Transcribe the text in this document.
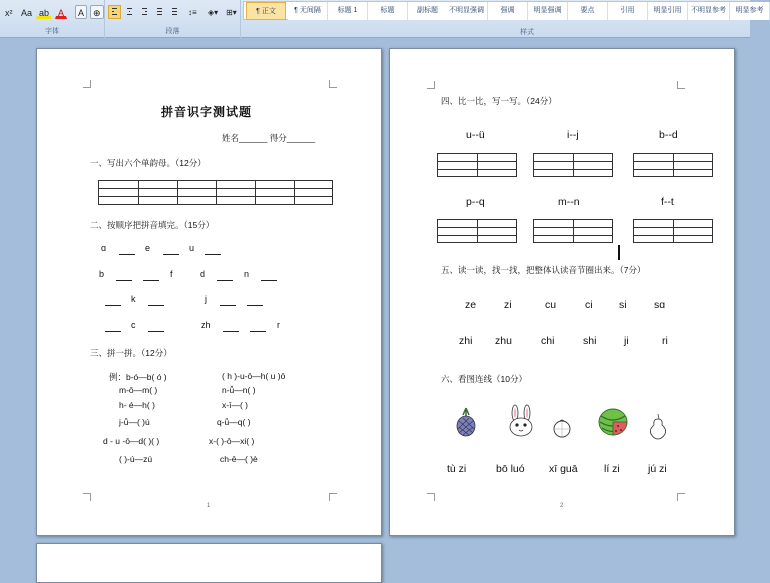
x² Aa ab A	A ⊕
字体
↕≡	◈▾ ⊞▾
段落
¶ 正文	¶ 无间隔	标题 1	标题	副标题	不明显强调	强调	明显强调	要点	引用	明显引用	不明显参考	明显参考
样式
拼音识字测试题
姓名______ 得分______
一、写出六个单韵母。（12分）
二、按顺序把拼音填完。（15分）
ɑ	e	u
b	f	d	n
k	j
c	zh	r
三、拼一拼。（12分）
例：b-ó—b( ó )
m-ō—m( )
h- é—h( )
j-ǖ—( )ú
d - u -ō—d( )( )
( )-ú—zú
( h )-u-ō—h( u )ō
n-ǚ—n( )
x-ī—( )
q-ǖ—q( )
x-( )-ō—xi( )
ch-ē—( )è
1
四、比一比，写一写。（24分）
u--ü	i--j	b--d
p--q	m--n	f--t
五、读一读，找一找，把整体认读音节圈出来。（7分）
ze	zi	cu	ci	si	sɑ
zhi zhu	chi	shi	ji	ri
六、看图连线（10分）
tù zi	bō luó xī guā	lí zi	jú zi
2
